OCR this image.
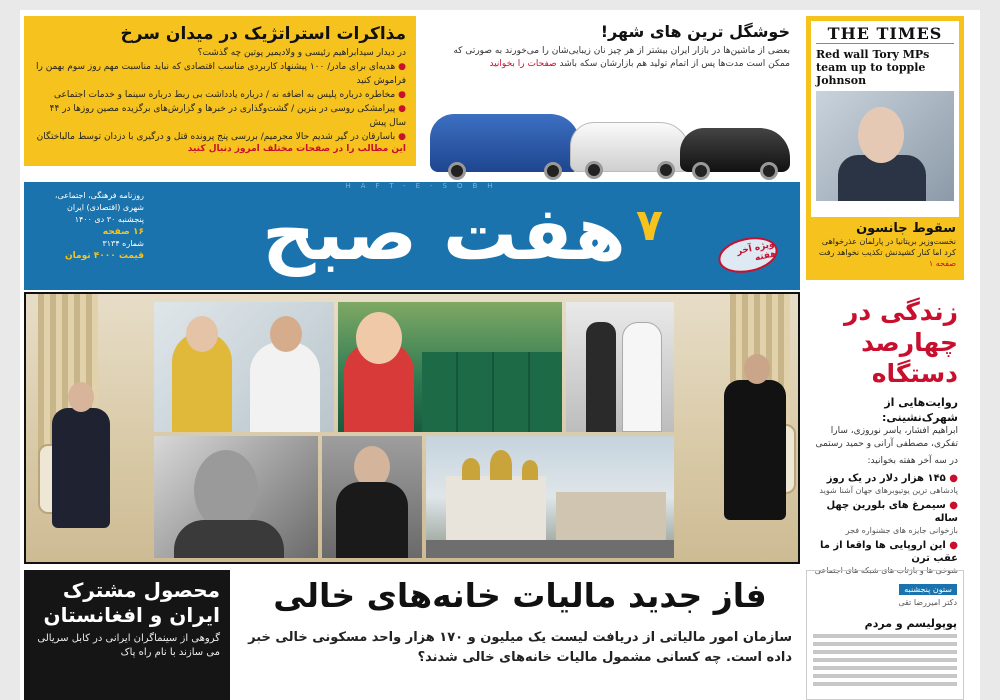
مذاکرات استراتژیک در میدان سرخ
در دیدار سیدابراهیم رئیسی و ولادیمیر پوتین چه گذشت؟
● هدیه‌ای برای مادر/ ۱۰۰ پیشنهاد کاربردی مناسب اقتصادی که نباید مناسبت مهم روز سوم بهمن را فراموش کنید
● مخاطره درباره پلیس به اضافه نه / درباره یادداشت بی ربط درباره سینما و خدمات اجتماعی
● پیرامشکی روسی در بنزین / گشت‌وگذاری در خبرها و گزارش‌های برگزیده مصین روزها در ۴۴ سال پیش
● باسارقان در گیر شدیم حالا مجرمیم/ بررسی پنج پرونده قتل و درگیری با دزدان توسط مالباختگان
این مطالب را در صفحات مختلف امروز دنبال کنید
خوشگل ترین های شهر!
بعضی از ماشین‌ها در بازار ایران بیشتر از هر چیز نان زیبایی‌شان را می‌خورند به صورتی که ممکن است مدت‌ها پس از اتمام تولید هم بازارشان سکه باشد صفحات را بخوانید
THE TIMES
Red wall Tory MPs team up to topple Johnson
سقوط جانسون

نخست‌وزیر بریتانیا در پارلمان عذرخواهی کرد اما کنار کشیدنش تکذیب نخواهد رفت صفحه ۱

HAFT-E-SOBH
روزنامه فرهنگی، اجتماعی،
شهری (اقتصادی) ایران
پنجشنبه ۳۰ دی ۱۴۰۰
۱۶ صفحه
شماره ۳۱۳۴
قیمت ۴۰۰۰ تومان	هفت صبح ۷	ویژه آخر هفته
زندگی در چهارصد دستگاه
روایت‌هایی از شهرک‌نشینی:
ابراهیم افشار، یاسر نوروزی، سارا تفکری، مصطفی آرانی و حمید رستمی
در سه آخر هفته بخوانید:
● ۱۴۵ هزار دلار در یک روز
پادشاهی ترین یوتیوبرهای جهان آشنا شوید
● سیمرغ های بلورین چهل ساله
بازخوانی جایزه های جشنواره فجر
● این اروپایی ها واقعا از ما عقب ترن
شوخی ها و بازتاب های شبکه های اجتماعی
محصول مشترک ایران و افغانستان

گروهی از سینماگران ایرانی در کابل سریالی می سازند با نام راه پاک

فاز جدید مالیات خانه‌های خالی

سازمان امور مالیاتی از دریافت لیست یک میلیون و ۱۷۰ هزار واحد مسکونی خالی خبر داده است. چه کسانی مشمول مالیات خانه‌های خالی شدند؟

ستون پنجشنبه
دکتر امیررضا تقی
پوپولیسم و مردم
